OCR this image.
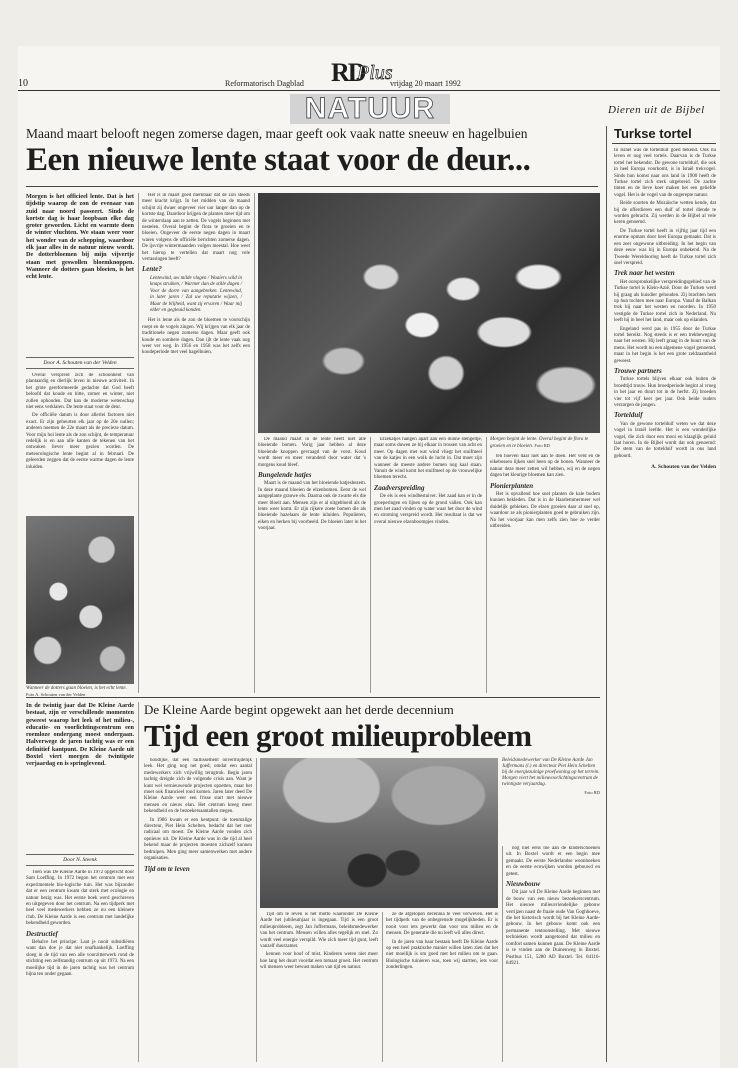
10	Reformatorisch Dagblad RD
Plus
vrijdag 20 maart 1992
NATUUR	Dieren uit de Bijbel
Maand maart belooft negen zomerse dagen, maar geeft ook vaak natte sneeuw en hagelbuien
Een nieuwe lente staat voor de deur...
Morgen is het officieel lente. Dat is het tijdstip waarop de zon de evenaar van zuid naar noord passeert. Sinds de kortste dag is haar loopbaan elke dag groter geworden. Licht en warmte doen de winter vluchten. We staan weer voor het wonder van de schepping, waardoor elk jaar alles in de natuur nieuw wordt. De dotterbloemen bij mijn vijvertje staan met geswollen bloemknoppen. Wanneer de dotters gaan bloeien, is het echt lente.
Door A. Schouten van der Velden

Overal verspreid zich de schoonheid van plantaardig en dierlijk leven in nieuwe activiteit. In het grote gereformeerde gedachte dat God heeft beloofd dat koude en hitte, zomer en winter, niet zullen ophouden. Dat kan de moderne wetenschap niet eens verklaren. De lente staat voor de deur.

De officiële datum is door allerlei factoren niet exact. Er zijn gebeurten elk jaar op de 20e nullen; anderen noemen de 22e maart als de precieze datum. Voor mijn hoi lente als de zon schijnt, de temperatuur redelijk is en aan alle kanten de tekenen van het ontwaken liever meer gezien worden. De meteorologische lente begint al in februari. De geleerden zeggen dat de eerste warme dagen de lente inluiden.

Wanneer de dotters gaan bloeien, is het echt lente. Foto A. Schouten van der Velden

Het is in maart goed merkbaar dat de zon steeds meer kracht krijgt. In het midden van de maand schijnt zij dwaer ongeveer vier uur langer dan op de kortste dag. Daardoor krijgen de planten meer tijd om de winterslaap aan te zetten. De vogels beginnen met nestelen. Overal begint de flora te groeien en te bloeien. Ongeveer de eerste negen dagen in maart waren volgens de officiële berichten zomerse dagen. De ijsvrije wintermaanden volgen meestal. Hoe weet het hierop te vertellen dat maart nog vele verrassingen heeft?

Lente?

Lentewind, uw milde vlagen / Waaiers wild in knaps struiken, / Warmer dan de stille dagen / Voor de dorre van aangebreken. Lentewind, in later jaren / Zal uw reputatie wijzen, / Maar de blijheid, want zij ervaren / Waar mij elder en gegleuid konden.

Het is lente als de zon de bloemen te voorschijn roept en de vogels zingen. Wij krijgen van elk jaar de traditionele negen zomerse dagen. Maar geeft ook koude en sombere dagen. Dan ijlt de lente vaak nog weer ver weg. In 1956 en 1958 was het zelfs een koudeperiode met veel hagelbuien.

De maand maart in de lente heeft niet alle bloeiende bomen. Vorig jaar hebben al deze bloeiende knoppen gevraagd van de vorst. Koud wordt meer en meer veranderd door water dat 's morgens koud bleef.

Bungelende hatjes

Maart is de maand van het bloeiende katjesbezem. In deze maand bloeien de elzenbomen. Eerst de wel aangeplante grauwe els. Daarna ook de zwarte els die meer bloeit aan. Mensen zijn er al uitgebloeid als de lente weer komt. Er zijn rijkere zoete bomen die als bloeiende hazelaars de lente inluiden. Populieren, eiken en berken bij voorbeeld. De bloeien later in het voorjaar.

Elzekatjes hangen apart aan een dunne stengeltje, maar soms duwen ze bij elkaar in trossen van acht en meer. Op dagen met wat wind vliegt het stuifmeel van de katjes in een wolk de lucht in. Dat moet zijn wanneer de meeste andere bomen nog kaal staan. Vanuit de wind komt het stuifmeel op de vrouwelijke bloemen terecht.

Zaadverspreiding

De els is een windbestuiver. Het zaad kan er in de groeperingen en lijnen op de grond vallen. Ook kan men het zaad vinden op water waar het door de wind en stroming verspreid wordt. Het resultaat is dat we overal nieuwe elzenboompjes vinden.

Morgen begint de lente. Overal begint de flora te groeien en te bloeien. Foto RD

ten hoeven daar niet aan te doen. Het veld en de eikebossen lijken snel heen op de bonen. Wanneer de natuur deze meer zetten wil hebben, wij en de negen dagen het kleurige bloemen kan zien.

Pionierplanten

Het is opvallend hoe snel planten de kale bodem kunnen bekleden. Dat is in de Haarlemmermeer wel duidelijk gebleken. De elzen groeien daar al snel op, waardoor ze als pionierplanten goed te gebruiken zijn. Na het voorjaar kan men zelfs zien hoe ze verder uitbreiden.

In de twintig jaar dat De Kleine Aarde bestaat, zijn er verschillende momenten geweest waarop het leek of het milieu-, educatie- en voorlichtingscentrum een roemloze ondergang moest ondergaan. Halverwege de jaren tachtig was er een definitief kantpunt. De Kleine Aarde uit Boxtel viert morgen de twintigste verjaardag en is springlevend.
Door N. Steenk

Toen was De Kleine Aarde in 1972 opgericht door Sam Loeffing. In 1972 begon het centrum met een experimentele bio-logische tuin. Het was bijzonder dat er een centrum kwam dat sterk met ecologie en natuur bezig was. Het eerste boek werd geschreven en uitgegeven door het centrum. Na een tijdperk met heel veel medewerkers hebben ze nu een kleinere club. De Kleine Aarde is een centrum met landelijke bekendheid geworden.

Destructief

Behalve het principe: Laat je nooit subsidiëren want dan doe je dat niet onafhankelijk. Loeffing sloeg in de tijd van een alle voorzitterwerk rond de stichting een zelfstandig centrum op uit 1973. Na een moeilijke tijd in de jaren tachtig was het centrum bijna ten onder gegaan.

De Kleine Aarde begint opgewekt aan het derde decennium
Tijd een groot milieuprobleem

houdijke, dat een faillissement onvermijdelijk leek. Het ging nog net goed, omdat een aantal medewerkers zich vrijwillig terugtrok. Begin jaren tachtig dreigde zich de volgende crisis aan. Want je kunt wel vernieuwende projecten opzetten, maar het moet ook financieel rond komen. Jaren later deed De Kleine Aarde weer een frisse start met nieuwe mensen en nieuw elan. Het centrum kreeg meer bekendheid en de bezoekersaantallen stegen.

In 1986 kwam er een kentpunt: de toenmalige directeur, Piet Hein Schelten, bedacht dat het roer radicaal om moest. De Kleine Aarde vonden zich opnieuw uit. De Kleine Aarde was in die tijd al heel bekend maar de projecten moesten zichzelf kunnen bedruipen. Men ging meer samenwerken met andere organisaties.

Tijd om te leven
Beleidsmedewerker van De Kleine Aarde Jan Juffermans (l.) en directeur Piet Hein Schelten bij de energiezuinige proefwoning op het terrein. Morgen viert het milieuvoorlichtingscentrum de twintigste verjaardag.
Foto RD

Tijd om te leven is het motto waaronder De Kleine Aarde het jubileumjaar is ingegaan. Tijd is een groot milieuprobleem, zegt Jan Juffermans, beleidsmedewerker van het centrum. Mensen willen alles tegelijk en snel. Zo wordt veel energie verspild. Wie zich meer tijd gunt, leeft vanzelf duurzamer.

kennen voor hoof of mist. Kinderen weten niet meer hoe lang het duurt voordat een tomaat groeit. Het centrum wil mensen weer bewust maken van tijd en natuur.

ze de afgelopen decennia te veel verweven. Het is het tijdperk van de onbegrensde mogelijkheden. Er is nooit voor iets gewerkt dan voor ons milieu en de mensen. De generatie die nu leeft wil alles direct.

In de jaren van haar bestaan heeft De Kleine Aarde op een heel praktische manier willen laten zien dat het niet moeilijk is om goed met het milieu om te gaan. Biologische tuinieren was, toen wij startten, iets voor zonderlingen.

nog niet eens toe aan de kinderschoenen uit. In Boxtel wordt er een begin mee gemaakt. De eerste Nederlandse woonhoeken en de eerste ecowijken worden gebouwd en getest.

Nieuwbouw

Dit jaar wil De Kleine Aarde beginnen met de bouw van een nieuw bezoekerscentrum. Het nieuwe milieuvriendelijke gebouw verrijzen naast de fraaie oude Van Goghhoeve, die het historisch wordt bij het Kleine Aarde-gebouw. In het gebouw komt ook een permanente tentoonstelling. Met nieuwe technieken wordt aangetoond dat milieu en comfort samen kunnen gaan. De Kleine Aarde is te vinden aan de Duinenweg in Boxtel. Postbus 151, 5280 AD Boxtel. Tel. 04116-84921.

Turkse tortel

In Israël was de tortelduif goed bekend. Ook nu leven er nog veel tortels. Daarvan is de Turkse tortel het bekendst. De gewone tortelduif, die ook in heel Europa voorkomt, is in Israël trekvogel. Sinds hun komst naar ons land in 1900 heeft de Turkse tortel zich sterk uitgebreid. De zachte tinten en de lieve koer maken het een geliefde vogel. Het is de vogel van de ongerepte natuur.

Beide soorten de Mozaïsche wetten kende, dat bij de offerdieren een duif of tortel diende te worden gebracht. Zij werden in de Bijbel al vele keren genoemd.

De Turkse tortel heeft in vijftig jaar tijd een enorme opmars door heel Europa gemaakt. Dat is een zeer ongewone uitbreiding. In het begin van deze eeuw was hij in Europa onbekend. Na de Tweede Wereldoorlog heeft de Turkse tortel zich snel verspreid.

Trek naar het westen

Het oorspronkelijke verspreidingsgebied van de Turkse tortel is Klein-Azië. Door de Turken werd hij graag als huisdier gehouden. Zij brachten hem op hun tochten mee naar Europa. Vanaf de Balkan trok hij naar het westen en noorden. In 1950 vestigde de Turkse tortel zich in Nederland. Nu leeft hij in heel het land, maar ook op eilanden.

Engeland werd pas in 1955 door de Turkse tortel bereikt. Nog steeds is er een trekbeweging naar het westen. Hij leeft graag in de buurt van de mens. Het wordt nu een algemene vogel genoemd, maar in het begin is het een grote zeldzaamheid geweest.

Trouwe partners

Turkse tortels blijven elkaar ook buiten de broedtijd trouw. Hun broedperiode begint al vroeg in het jaar en duurt tot in de herfst. Zij broeden vier tot vijf keer per jaar. Ook beide ouders verzorgen de jongen.

Tortelduif

Van de gewone tortelduif weten we dat deze vogel in Israël leefde. Het is een wonderlijke vogel, die zich door een mooi en klaaglijk geluid laat horen. In de Bijbel wordt dat ook genoemd: De stem van de tortelduif wordt in ons land gehoord.

A. Schouten van der Velden
